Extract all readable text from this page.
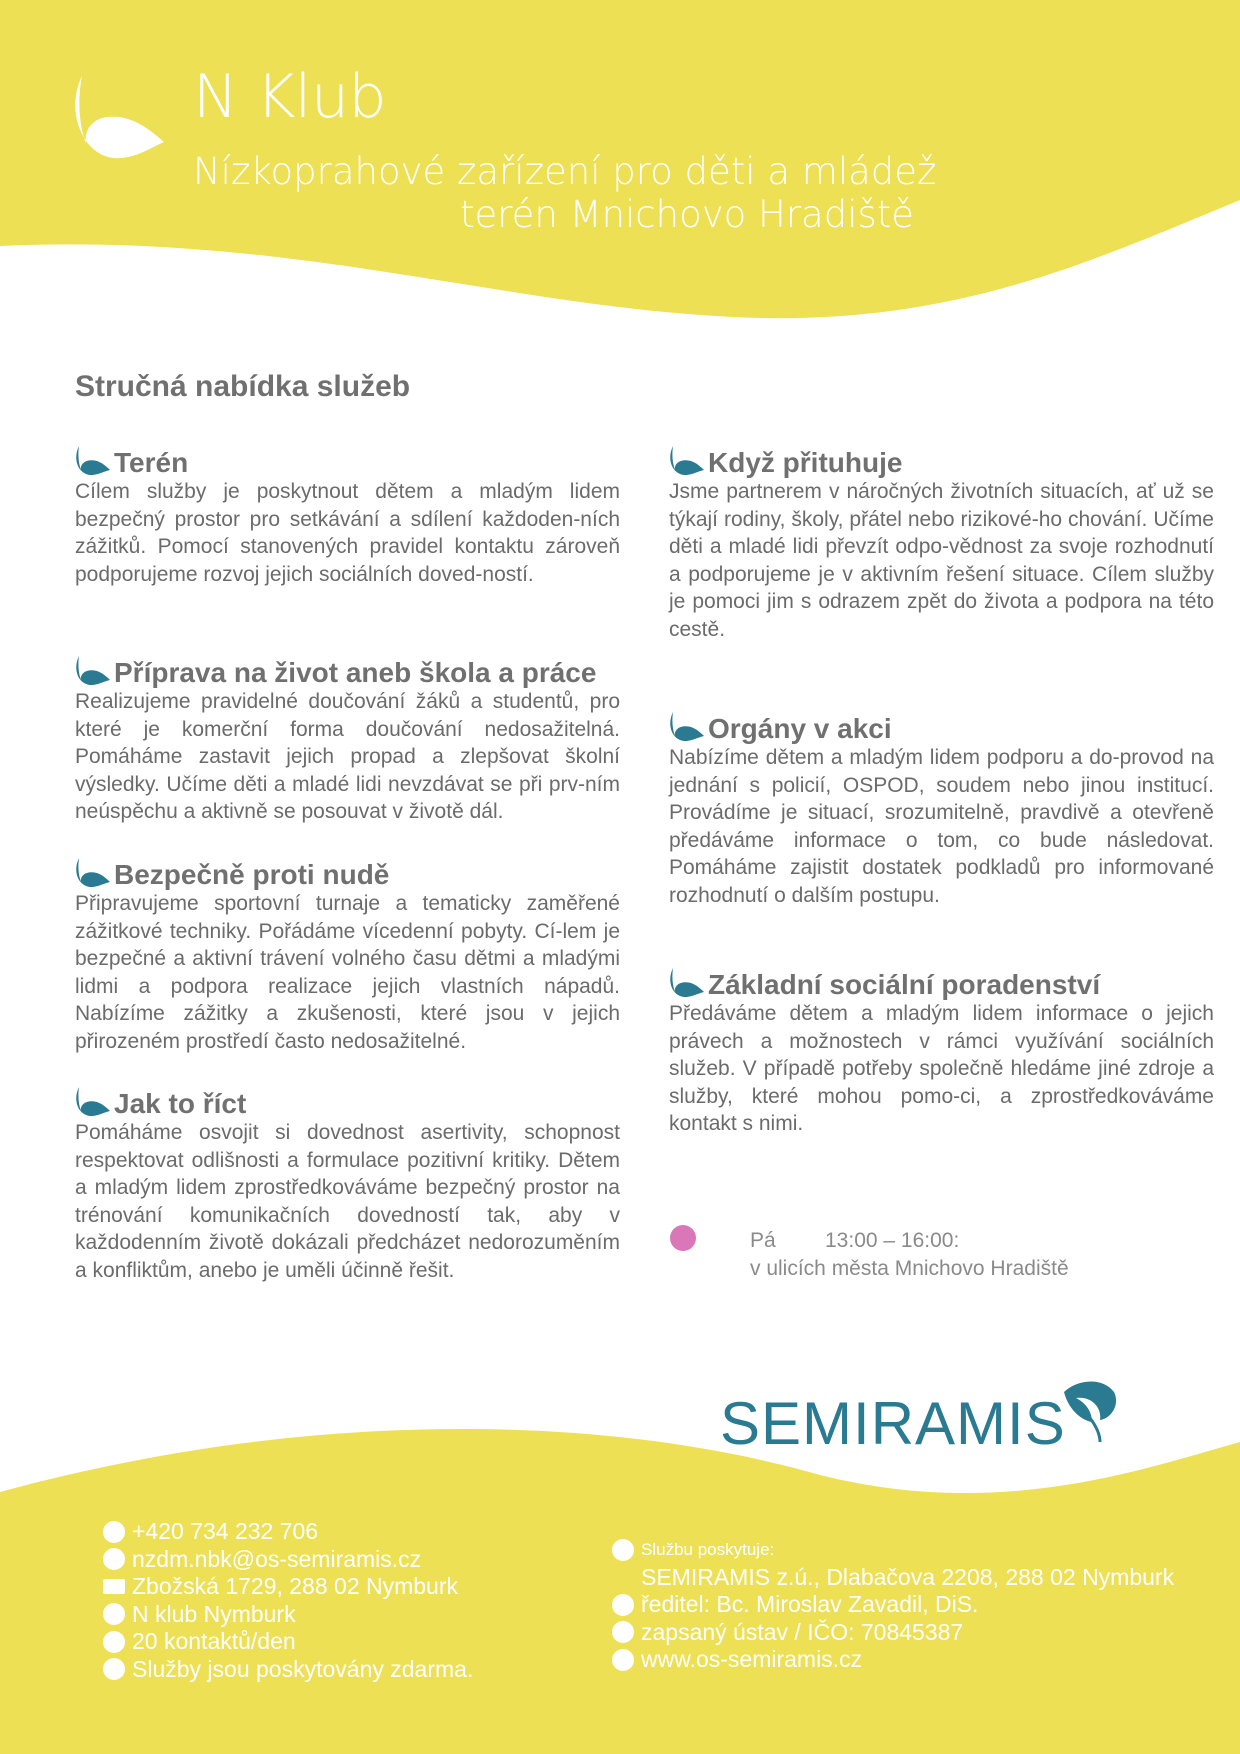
N Klub
Nízkoprahové zařízení pro děti a mládež
terén Mnichovo Hradiště
Stručná nabídka služeb
Terén

Cílem služby je poskytnout dětem a mladým lidem bezpečný prostor pro setkávání a sdílení každoden-ních zážitků. Pomocí stanovených pravidel kontaktu zároveň podporujeme rozvoj jejich sociálních doved-ností.

Příprava na život aneb škola a práce

Realizujeme pravidelné doučování žáků a studentů, pro které je komerční forma doučování nedosažitelná. Pomáháme zastavit jejich propad a zlepšovat školní výsledky. Učíme děti a mladé lidi nevzdávat se při prv-ním neúspěchu a aktivně se posouvat v životě dál.

Bezpečně proti nudě

Připravujeme sportovní turnaje a tematicky zaměřené zážitkové techniky. Pořádáme vícedenní pobyty. Cí-lem je bezpečné a aktivní trávení volného času dětmi a mladými lidmi a podpora realizace jejich vlastních nápadů. Nabízíme zážitky a zkušenosti, které jsou v jejich přirozeném prostředí často nedosažitelné.

Jak to říct

Pomáháme osvojit si dovednost asertivity, schopnost respektovat odlišnosti a formulace pozitivní kritiky. Dětem a mladým lidem zprostředkováváme bezpečný prostor na trénování komunikačních dovedností tak, aby v každodenním životě dokázali předcházet nedorozuměním a konfliktům, anebo je uměli účinně řešit.

Když přituhuje

Jsme partnerem v náročných životních situacích, ať už se týkají rodiny, školy, přátel nebo rizikové-ho chování. Učíme děti a mladé lidi převzít odpo-vědnost za svoje rozhodnutí a podporujeme je v aktivním řešení situace. Cílem služby je pomoci jim s odrazem zpět do života a podpora na této cestě.

Orgány v akci

Nabízíme dětem a mladým lidem podporu a do-provod na jednání s policií, OSPOD, soudem nebo jinou institucí. Provádíme je situací, srozumitelně, pravdivě a otevřeně předáváme informace o tom, co bude následovat. Pomáháme zajistit dostatek podkladů pro informované rozhodnutí o dalším postupu.

Základní sociální poradenství

Předáváme dětem a mladým lidem informace o jejich právech a možnostech v rámci využívání sociálních služeb. V případě potřeby společně hledáme jiné zdroje a služby, které mohou pomo-ci, a zprostředkováváme kontakt s nimi.

Pá 13:00 – 16:00:
v ulicích města Mnichovo Hradiště
SEMIRAMIS
+420 734 232 706
nzdm.nbk@os-semiramis.cz
Zbožská 1729, 288 02 Nymburk
N klub Nymburk
20 kontaktů/den
Služby jsou poskytovány zdarma.
Službu poskytuje:
SEMIRAMIS z.ú., Dlabačova 2208, 288 02 Nymburk
ředitel: Bc. Miroslav Zavadil, DiS.
zapsaný ústav / IČO: 70845387
www.os-semiramis.cz
